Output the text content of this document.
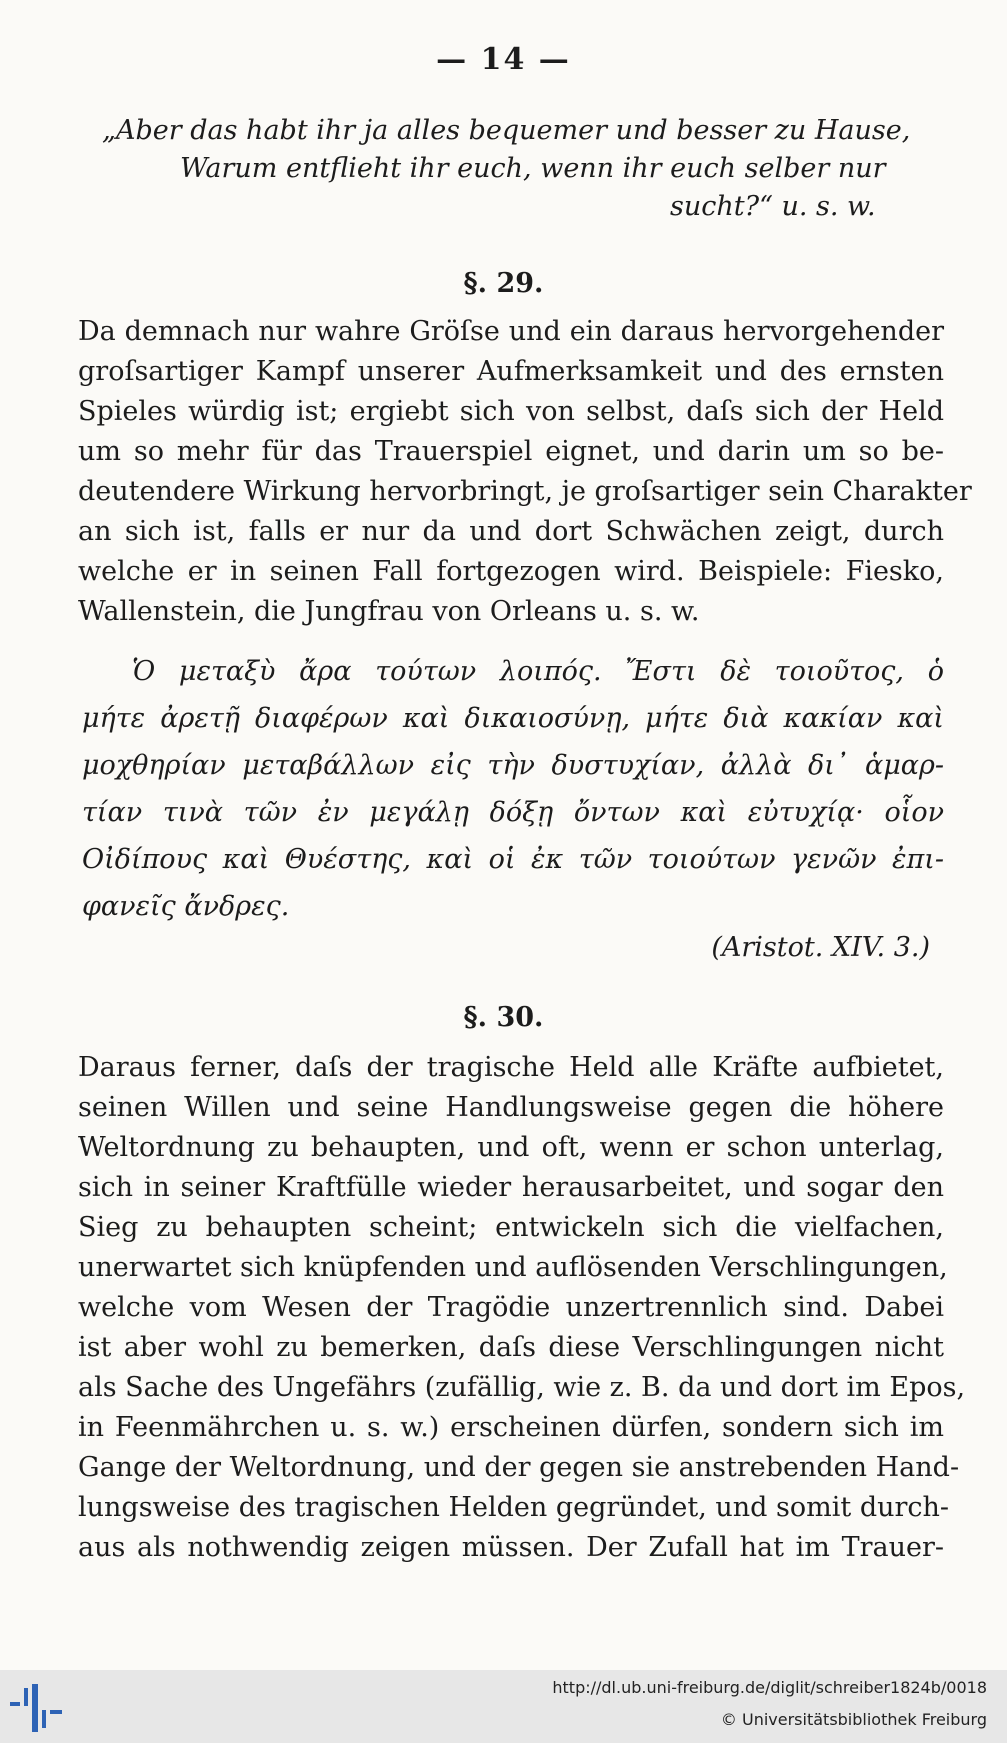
— 14 —
„Aber das habt ihr ja alles bequemer und besser zu Hause,
Warum entflieht ihr euch, wenn ihr euch selber nur
sucht?“ u. s. w.
§. 29.
Da demnach nur wahre Gröſse und ein daraus hervorgehender
groſsartiger Kampf unserer Aufmerksamkeit und des ernsten
Spieles würdig ist; ergiebt sich von selbst, daſs sich der Held
um so mehr für das Trauerspiel eignet, und darin um so be-
deutendere Wirkung hervorbringt, je groſsartiger sein Charakter
an sich ist, falls er nur da und dort Schwächen zeigt, durch
welche er in seinen Fall fortgezogen wird. Beispiele: Fiesko,
Wallenstein, die Jungfrau von Orleans u. s. w.
Ὁ μεταξὺ ἄρα τούτων λοιπός. Ἔστι δὲ τοιοῦτος, ὁ
μήτε ἀρετῇ διαφέρων καὶ δικαιοσύνῃ, μήτε διὰ κακίαν καὶ
μοχθηρίαν μεταβάλλων εἰς τὴν δυστυχίαν, ἀλλὰ δι᾽ ἁμαρ-
τίαν τινὰ τῶν ἐν μεγάλῃ δόξῃ ὄντων καὶ εὐτυχίᾳ· οἷον
Οἰδίπους καὶ Θυέστης, καὶ οἱ ἐκ τῶν τοιούτων γενῶν ἐπι-
φανεῖς ἄνδρες.
(Aristot. XIV. 3.)
§. 30.
Daraus ferner, daſs der tragische Held alle Kräfte aufbietet,
seinen Willen und seine Handlungsweise gegen die höhere
Weltordnung zu behaupten, und oft, wenn er schon unterlag,
sich in seiner Kraftfülle wieder herausarbeitet, und sogar den
Sieg zu behaupten scheint; entwickeln sich die vielfachen,
unerwartet sich knüpfenden und auflösenden Verschlingungen,
welche vom Wesen der Tragödie unzertrennlich sind. Dabei
ist aber wohl zu bemerken, daſs diese Verschlingungen nicht
als Sache des Ungefährs (zufällig, wie z. B. da und dort im Epos,
in Feenmährchen u. s. w.) erscheinen dürfen, sondern sich im
Gange der Weltordnung, und der gegen sie anstrebenden Hand-
lungsweise des tragischen Helden gegründet, und somit durch-
aus als nothwendig zeigen müssen. Der Zufall hat im Trauer-
http://dl.ub.uni-freiburg.de/diglit/schreiber1824b/0018
© Universitätsbibliothek Freiburg
